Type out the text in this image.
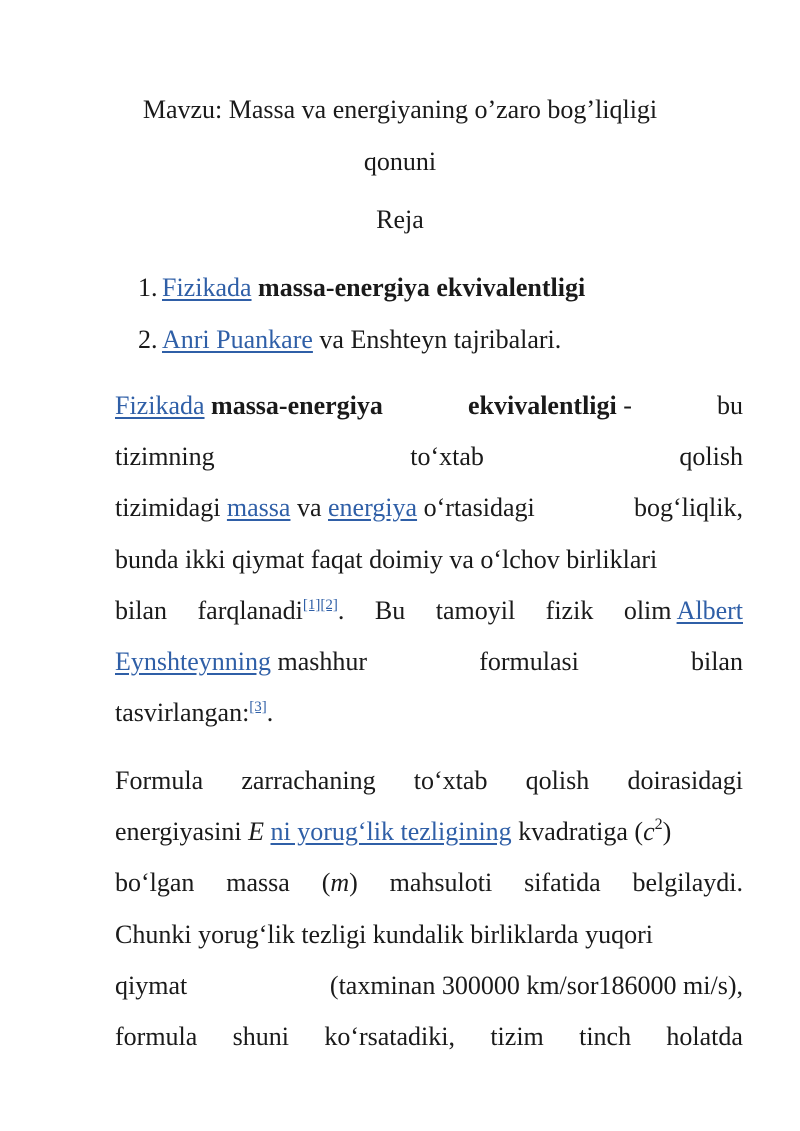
Mavzu: Massa va energiyaning o’zaro bog’liqligi
qonuni
Reja
1. Fizikada massa-energiya ekvivalentligi
2. Anri Puankare va Enshteyn tajribalari.
Fizikada massa-energiya	ekvivalentligi -	bu
tizimning	to‘xtab	qolish
tizimidagi massa va energiya o‘rtasidagi	bog‘liqlik,
bunda ikki qiymat faqat doimiy va o‘lchov birliklari
bilan farqlanadi[1][2]. Bu tamoyil fizik olim Albert
Eynshteynning mashhur	formulasi	bilan
tasvirlangan:[3].
Formula zarrachaning to‘xtab qolish doirasidagi
energiyasini E ni yorug‘lik tezligining kvadratiga $(c^2)$
bo‘lgan massa (m) mahsuloti sifatida belgilaydi.
Chunki yorug‘lik tezligi kundalik birliklarda yuqori
qiymat	(taxminan 300000 km/sor186000 mi/s),
formula shuni ko‘rsatadiki, tizim tinch holatda
